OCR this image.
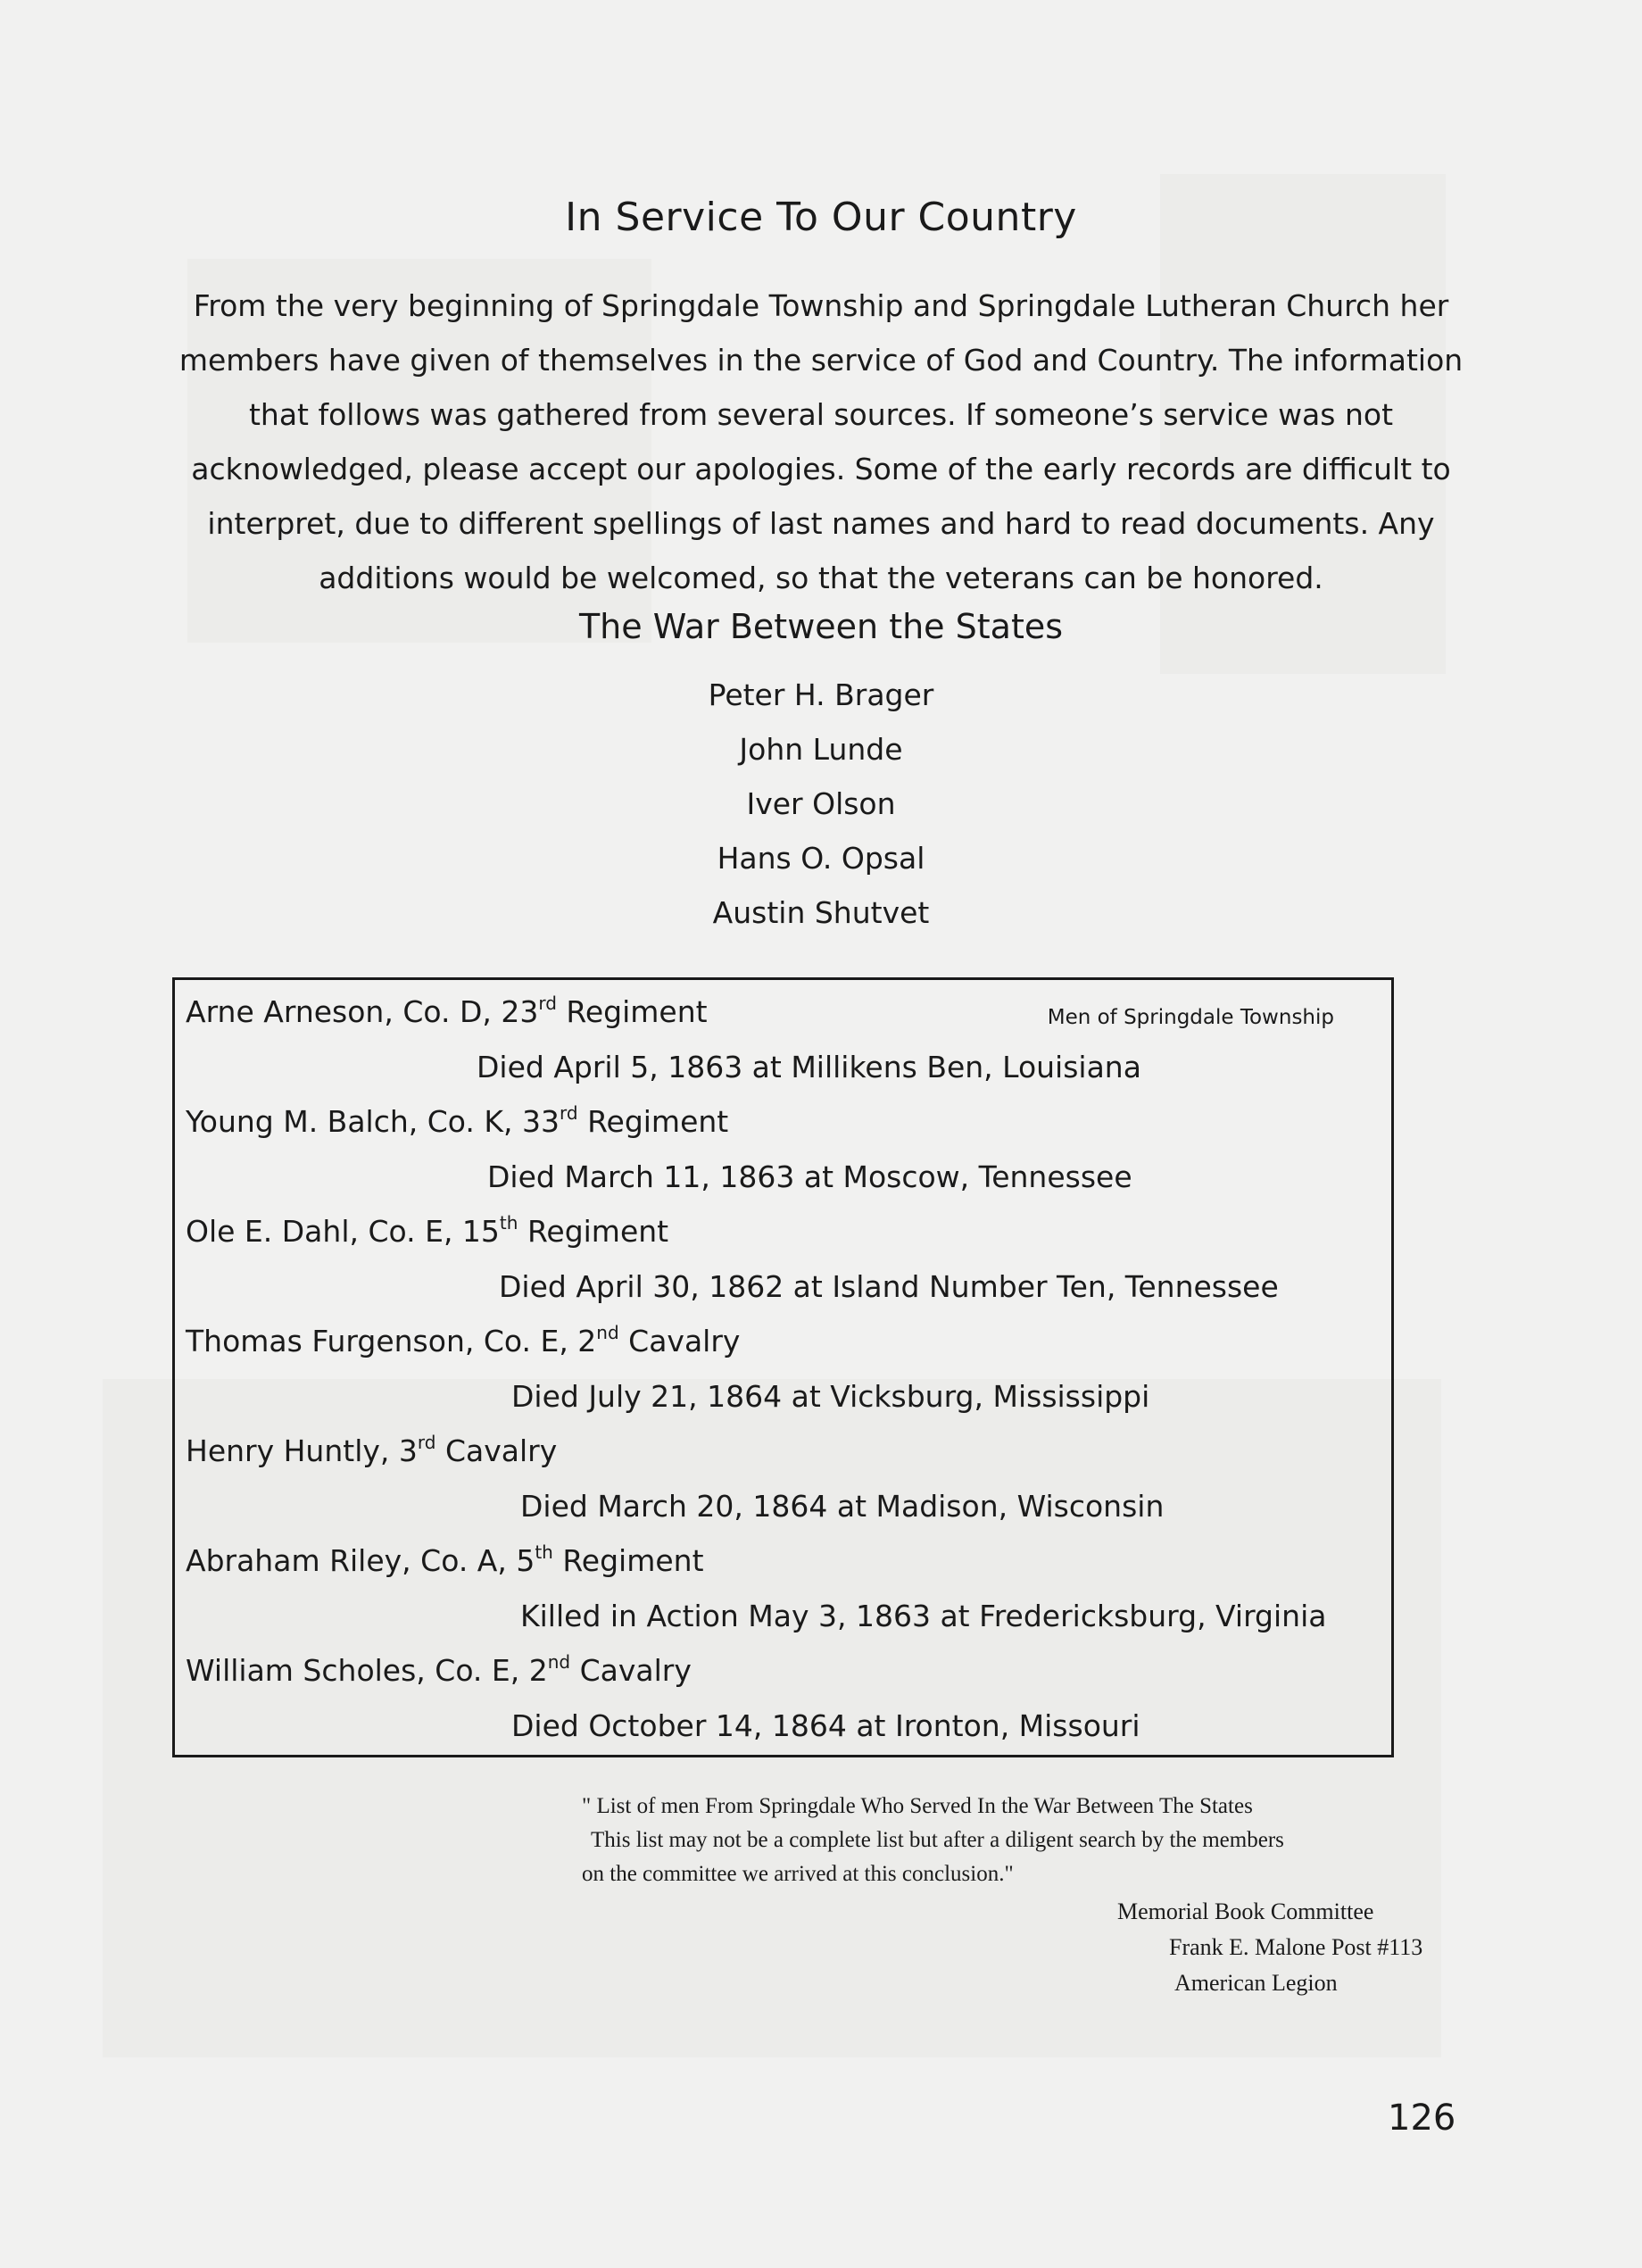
In Service To Our Country
From the very beginning of Springdale Township and Springdale Lutheran Church her
members have given of themselves in the service of God and Country. The information
that follows was gathered from several sources. If someone’s service was not
acknowledged, please accept our apologies. Some of the early records are difficult to
interpret, due to different spellings of last names and hard to read documents. Any
additions would be welcomed, so that the veterans can be honored.
The War Between the States
Peter H. Brager
John Lunde
Iver Olson
Hans O. Opsal
Austin Shutvet
Men of Springdale Township
Arne Arneson, Co. D, 23rd Regiment
Died April 5, 1863 at Millikens Ben, Louisiana
Young M. Balch, Co. K, 33rd Regiment
Died March 11, 1863 at Moscow, Tennessee
Ole E. Dahl, Co. E, 15th Regiment
Died April 30, 1862 at Island Number Ten, Tennessee
Thomas Furgenson, Co. E, 2nd Cavalry
Died July 21, 1864 at Vicksburg, Mississippi
Henry Huntly, 3rd Cavalry
Died March 20, 1864 at Madison, Wisconsin
Abraham Riley, Co. A, 5th Regiment
Killed in Action May 3, 1863 at Fredericksburg, Virginia
William Scholes, Co. E, 2nd Cavalry
Died October 14, 1864 at Ironton, Missouri
" List of men From Springdale Who Served In the War Between The States
This list may not be a complete list but after a diligent search by the members
on the committee we arrived at this conclusion."
Memorial Book Committee
Frank E. Malone Post #113
American Legion
126
